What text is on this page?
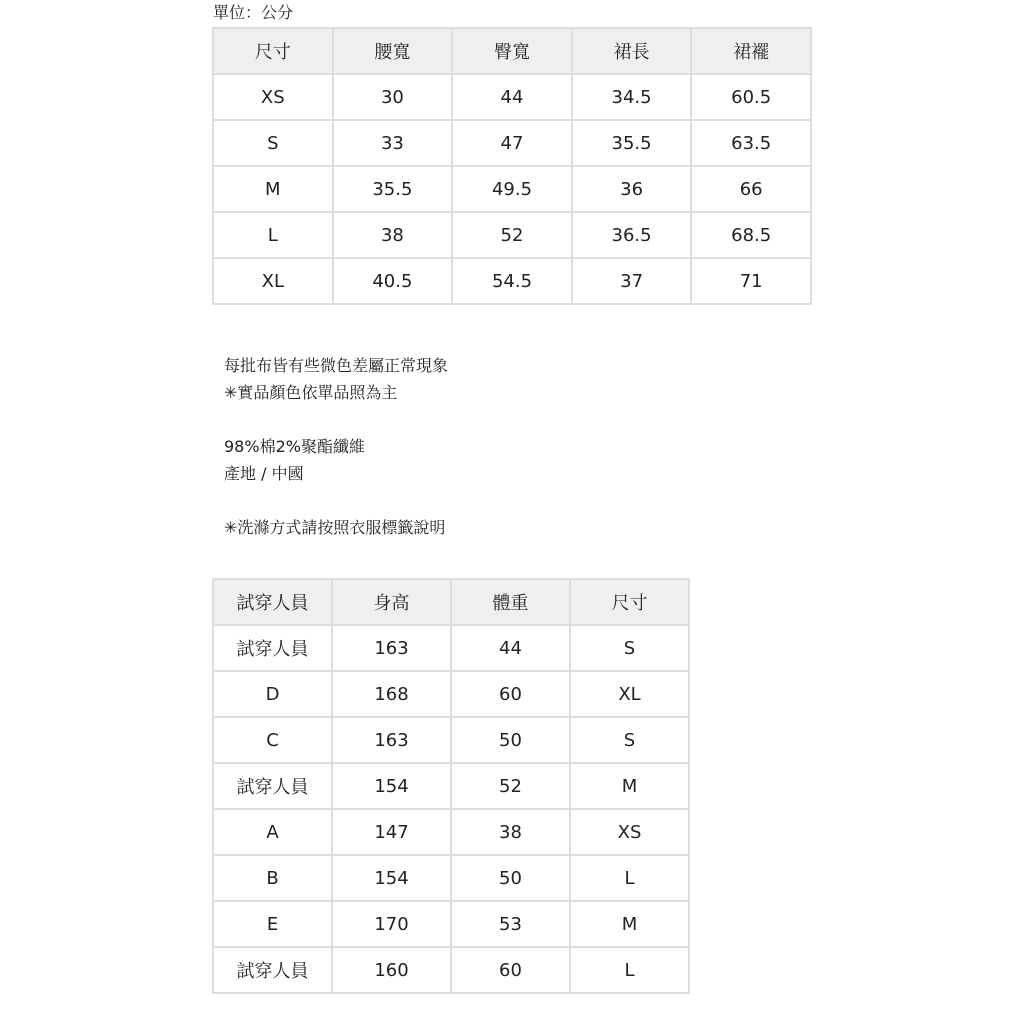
單位：公分
尺寸	腰寬	臀寬	裙長	裙襬
XS	30	44	34.5	60.5
S	33	47	35.5	63.5
M	35.5	49.5	36	66
L	38	52	36.5	68.5
XL	40.5	54.5	37	71
每批布皆有些微色差屬正常現象
✳實品顏色依單品照為主
98%棉2%聚酯纖維
產地 / 中國
✳洗滌方式請按照衣服標籤說明
試穿人員	身高	體重	尺寸
試穿人員	163	44	S
D	168	60	XL
C	163	50	S
試穿人員	154	52	M
A	147	38	XS
B	154	50	L
E	170	53	M
試穿人員	160	60	L
